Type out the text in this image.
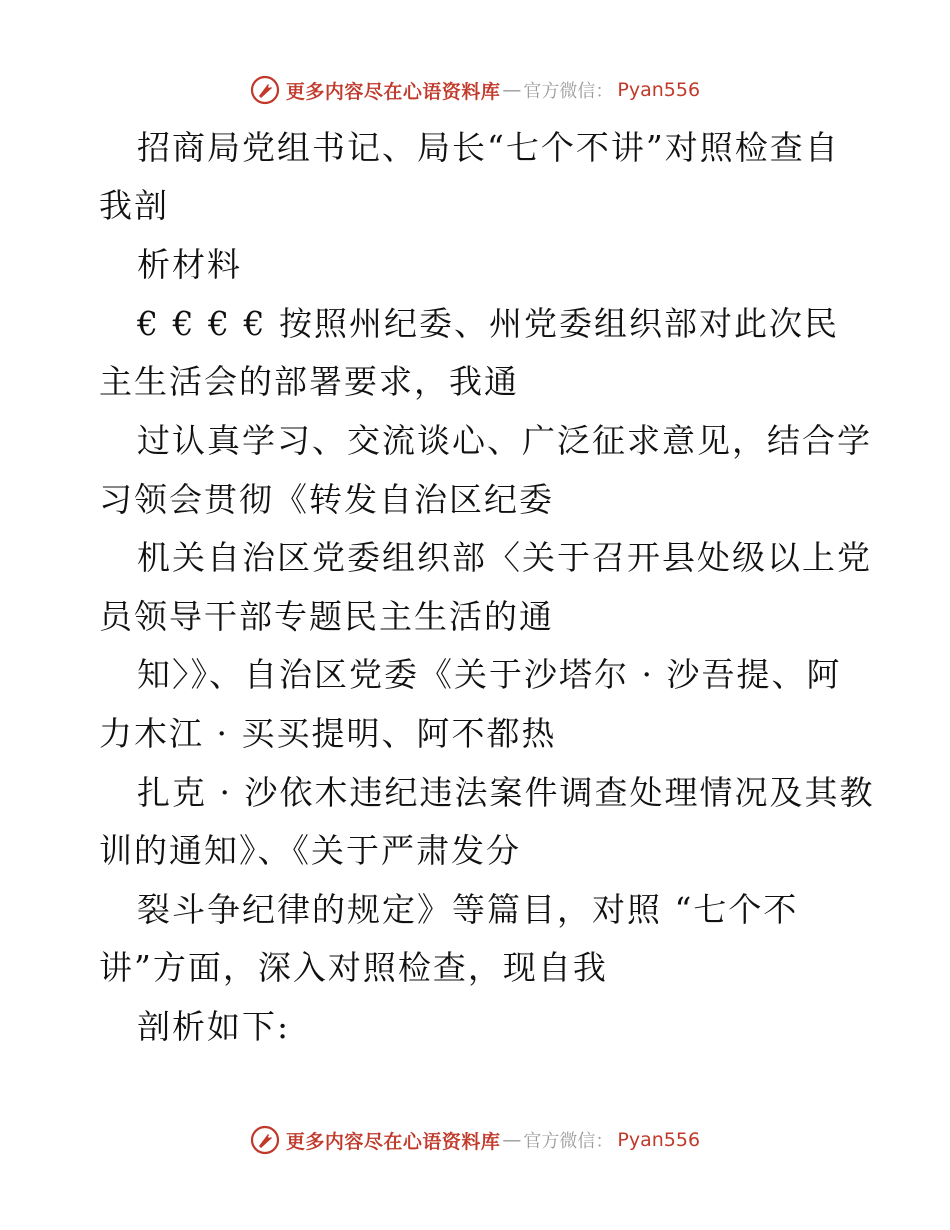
更多内容尽在心语资料库 — 官方微信： Pyan556
招商局党组书记、局长“七个不讲”对照检查自
我剖
析材料
€ € € € 按照州纪委、州党委组织部对此次民
主生活会的部署要求，我通
过认真学习、交流谈心、广泛征求意见，结合学
习领会贯彻《转发自治区纪委
机关自治区党委组织部〈关于召开县处级以上党
员领导干部专题民主生活的通
知〉》、自治区党委《关于沙塔尔 · 沙吾提、阿
力木江 · 买买提明、阿不都热
扎克 · 沙依木违纪违法案件调查处理情况及其教
训的通知》、《关于严肃发分
裂斗争纪律的规定》等篇目，对照 “七个不
讲”方面，深入对照检查，现自我
剖析如下:
更多内容尽在心语资料库 — 官方微信： Pyan556
